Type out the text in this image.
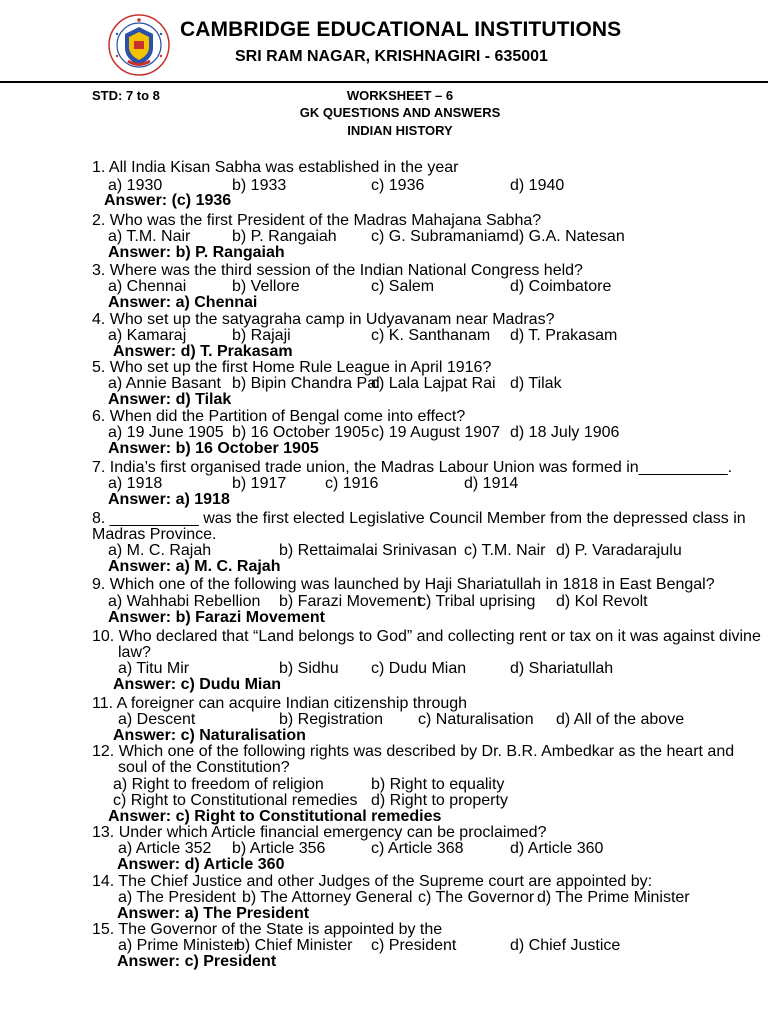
CAMBRIDGE EDUCATIONAL INSTITUTIONS
SRI RAM NAGAR, KRISHNAGIRI - 635001
STD: 7 to 8	WORKSHEET – 6
GK QUESTIONS AND ANSWERS
INDIAN HISTORY
1. All India Kisan Sabha was established in the year
a) 1930	b) 1933	c) 1936	d) 1940
Answer: (c) 1936
2. Who was the first President of the Madras Mahajana Sabha?
a) T.M. Nair	b) P. Rangaiah c) G. Subramaniam d) G.A. Natesan
Answer: b) P. Rangaiah
3. Where was the third session of the Indian National Congress held?
a) Chennai	b) Vellore	c) Salem	d) Coimbatore
Answer: a) Chennai
4. Who set up the satyagraha camp in Udyavanam near Madras?
a) Kamaraj	b) Rajaji	c) K. Santhanam d) T. Prakasam
Answer: d) T. Prakasam
5. Who set up the first Home Rule League in April 1916?
a) Annie Basant b) Bipin Chandra Pal
c) Lala Lajpat Rai d) Tilak
Answer: d) Tilak
6. When did the Partition of Bengal come into effect?
a) 19 June 1905 b) 16 October 1905 c) 19 August 1907 d) 18 July 1906
Answer: b) 16 October 1905
7. India’s first organised trade union, the Madras Labour Union was formed in__________.
a) 1918	b) 1917 c) 1916	d) 1914
Answer: a) 1918
8. __________ was the first elected Legislative Council Member from the depressed class in
Madras Province.
a) M. C. Rajah	b) Rettaimalai Srinivasan c) T.M. Nair d) P. Varadarajulu
Answer: a) M. C. Rajah
9. Which one of the following was launched by Haji Shariatullah in 1818 in East Bengal?
a) Wahhabi Rebellion b) Farazi Movement
c) Tribal uprising d) Kol Revolt
Answer: b) Farazi Movement
10. Who declared that “Land belongs to God” and collecting rent or tax on it was against divine
law?
a) Titu Mir	b) Sidhu c) Dudu Mian	d) Shariatullah
Answer: c) Dudu Mian
11. A foreigner can acquire Indian citizenship through
a) Descent	b) Registration c) Naturalisation d) All of the above
Answer: c) Naturalisation
12. Which one of the following rights was described by Dr. B.R. Ambedkar as the heart and
soul of the Constitution?
a) Right to freedom of religion	b) Right to equality
c) Right to Constitutional remedies d) Right to property
Answer: c) Right to Constitutional remedies
13. Under which Article financial emergency can be proclaimed?
a) Article 352 b) Article 356	c) Article 368	d) Article 360
Answer: d) Article 360
14. The Chief Justice and other Judges of the Supreme court are appointed by:
a) The President b) The Attorney General c) The Governor d) The Prime Minister
Answer: a) The President
15. The Governor of the State is appointed by the
a) Prime Minister
b) Chief Minister c) President	d) Chief Justice
Answer: c) President
